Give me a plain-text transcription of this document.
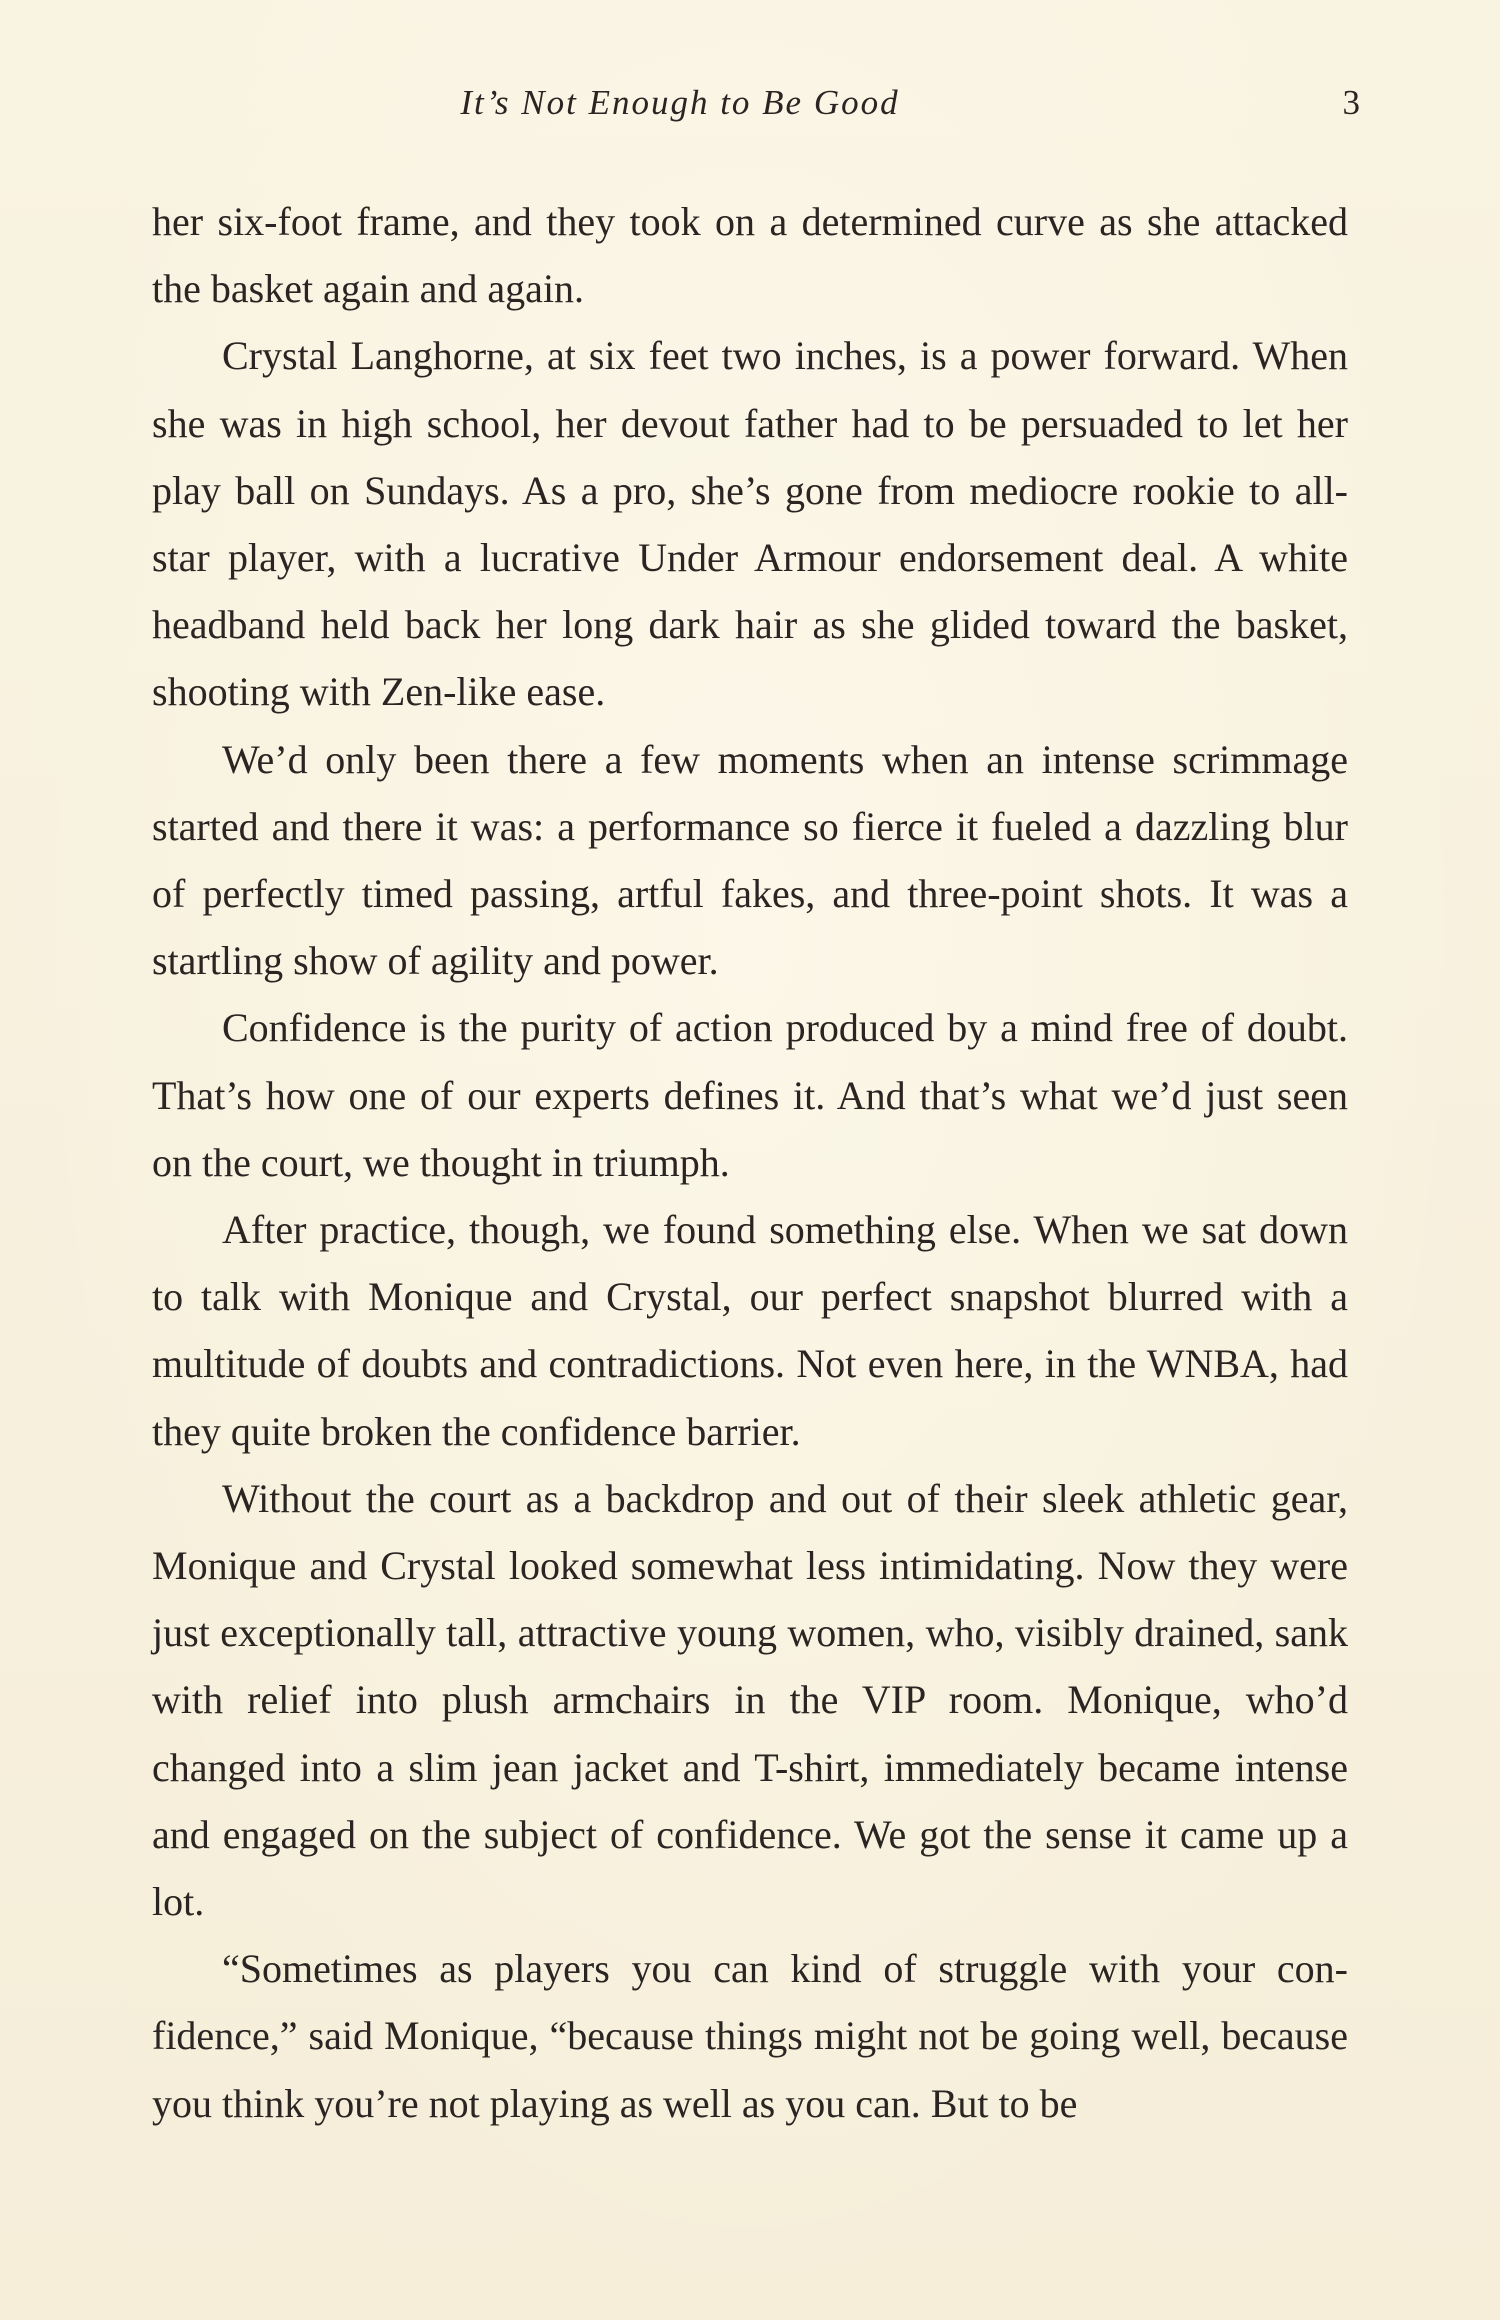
It’s Not Enough to Be Good	3

her six-foot frame, and they took on a determined curve as she attacked the basket again and again.

Crystal Langhorne, at six feet two inches, is a power forward. When she was in high school, her devout father had to be persuaded to let her play ball on Sundays. As a pro, she’s gone from mediocre rookie to all-star player, with a lucrative Under Armour endorsement deal. A white headband held back her long dark hair as she glided toward the basket, shooting with Zen-like ease.

We’d only been there a few moments when an intense scrimmage started and there it was: a performance so fierce it fueled a dazzling blur of perfectly timed passing, artful fakes, and three-point shots. It was a startling show of agility and power.

Confidence is the purity of action produced by a mind free of doubt. That’s how one of our experts defines it. And that’s what we’d just seen on the court, we thought in triumph.

After practice, though, we found something else. When we sat down to talk with Monique and Crystal, our perfect snapshot blurred with a multitude of doubts and contradictions. Not even here, in the WNBA, had they quite broken the confidence barrier.

Without the court as a backdrop and out of their sleek athletic gear, Monique and Crystal looked somewhat less intimidating. Now they were just exceptionally tall, attractive young women, who, visibly drained, sank with relief into plush armchairs in the VIP room. Monique, who’d changed into a slim jean jacket and T-shirt, immediately became intense and engaged on the subject of confidence. We got the sense it came up a lot.

“Sometimes as players you can kind of struggle with your confidence,” said Monique, “because things might not be going well, because you think you’re not playing as well as you can. But to be
